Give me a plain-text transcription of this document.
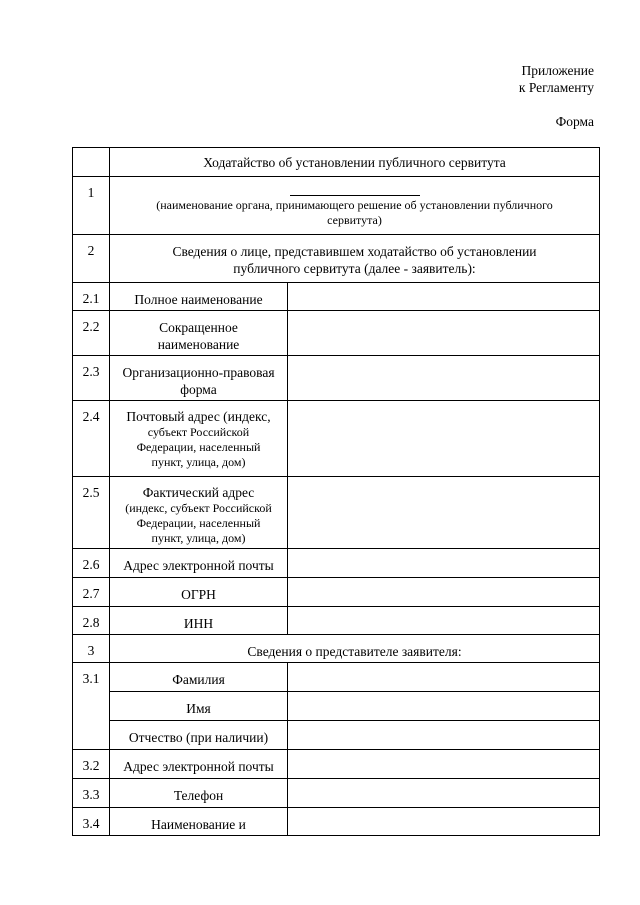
Приложение
к Регламенту
Форма
	Ходатайство об установлении публичного сервитута	
1	(наименование органа, принимающего решение об установлении публичного
сервитута)	

2	Сведения о лице, представившем ходатайство об установлении
публичного сервитута (далее - заявитель):	

2.1	Полное наименование	
2.2	Сокращенное
наименование	

2.3	Организационно-правовая
форма	

2.4	Почтовый адрес (индекс,
субъект Российской
Федерации, населенный
пункт, улица, дом)	

2.5	Фактический адрес
(индекс, субъект Российской
Федерации, населенный
пункт, улица, дом)	

2.6	Адрес электронной почты	
2.7	ОГРН	
2.8	ИНН	
3	Сведения о представителе заявителя:	
3.1	Фамилия	
	Имя	
	Отчество (при наличии)	
3.2	Адрес электронной почты	
3.3	Телефон	
3.4	Наименование и	
